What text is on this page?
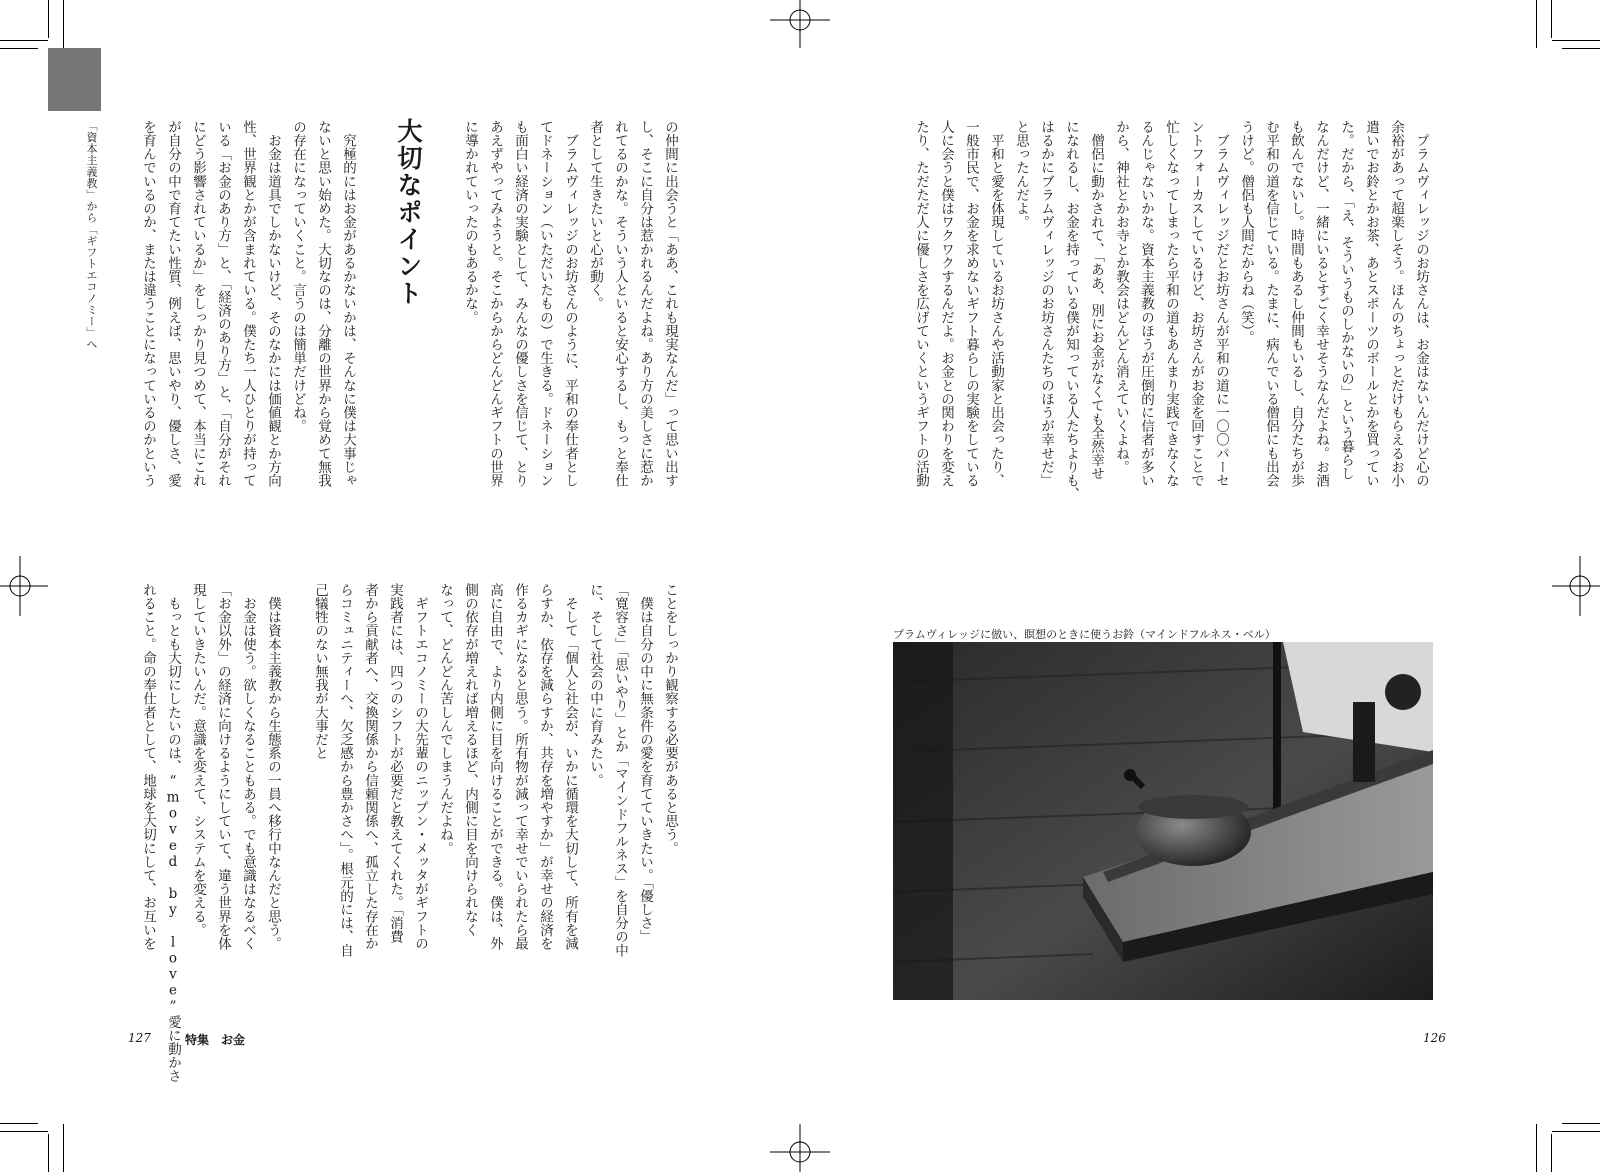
「資本主義教」から「ギフトエコノミー」へ	の仲間に出会うと「ああ、これも現実なんだ」って思い出す
し、そこに自分は惹かれるんだよね。あり方の美しさに惹か
れてるのかな。そういう人といると安心するし、もっと奉仕
者として生きたいと心が動く。
　ブラムヴィレッジのお坊さんのように、平和の奉仕者とし
てドネーション（いただいたもの）で生きる。ドネーション
も面白い経済の実験として、みんなの優しさを信じて、とり
あえずやってみようと。そこからからどんどんギフトの世界
に導かれていったのもあるかな。
大切なポイント
　究極的にはお金があるかないかは、そんなに僕は大事じゃ
ないと思い始めた。大切なのは、分離の世界から覚めて無我
の存在になっていくこと。言うのは簡単だけどね。
　お金は道具でしかないけど、そのなかには価値観とか方向
性、世界観とかが含まれている。僕たち一人ひとりが持って
いる「お金のあり方」と、「経済のあり方」と、「自分がそれ
にどう影響されているか」をしっかり見つめて、本当にこれ
が自分の中で育てたい性質、例えば、思いやり、優しさ、愛
を育んでいるのか、または違うことになっているのかという
ことをしっかり観察する必要があると思う。
　僕は自分の中に無条件の愛を育てていきたい。「優しさ」
「寛容さ」「思いやり」とか「マインドフルネス」を自分の中
に、そして社会の中に育みたい。
　そして「個人と社会が、いかに循環を大切して、所有を減
らすか、依存を減らすか、共存を増やすか」が幸せの経済を
作るカギになると思う。所有物が減って幸せでいられたら最
高に自由で、より内側に目を向けることができる。僕は、外
側の依存が増えれば増えるほど、内側に目を向けられなく
なって、どんどん苦しんでしまうんだよね。
　ギフトエコノミーの大先輩のニップン・メッタがギフトの
実践者には、四つのシフトが必要だと教えてくれた。「消費
者から貢献者へ、交換関係から信頼関係へ、孤立した存在か
らコミュニティーへ、欠乏感から豊かさへ」。根元的には、自
己犠牲のない無我が大事だと
　僕は資本主義教から生態系の一員へ移行中なんだと思う。
　お金は使う。欲しくなることもある。でも意識はなるべく
「お金以外」の経済に向けるようにしていて、違う世界を体
現していきたいんだ。意識を変えて、システムを変える。
　もっとも大切にしたいのは、“moved by love”愛に動かさ
れること。命の奉仕者として、地球を大切にして、お互いを
127	特集　お金
　プラムヴィレッジのお坊さんは、お金はないんだけど心の
余裕があって超楽しそう。ほんのちょっとだけもらえるお小
遣いでお鈴とかお茶、あとスポーツのボールとかを買ってい
た。だから、「え、そういうものしかないの」という暮らし
なんだけど、一緒にいるとすごく幸せそうなんだよね。お酒
も飲んでないし。時間もあるし仲間もいるし、自分たちが歩
む平和の道を信じている。たまに、病んでいる僧侶にも出会
うけど。僧侶も人間だからね（笑）。
　ブラムヴィレッジだとお坊さんが平和の道に一〇〇パーセ
ントフォーカスしているけど、お坊さんがお金を回すことで
忙しくなってしまったら平和の道もあんまり実践できなくな
るんじゃないかな。資本主義教のほうが圧倒的に信者が多い
から、神社とかお寺とか教会はどんどん消えていくよね。
　僧侶に動かされて、「ああ、別にお金がなくても全然幸せ
になれるし、お金を持っている僕が知っている人たちよりも、
はるかにブラムヴィレッジのお坊さんたちのほうが幸せだ」
と思ったんだよ。
　平和と愛を体現しているお坊さんや活動家と出会ったり、
一般市民で、お金を求めないギフト暮らしの実験をしている
人に会うと僕はワクワクするんだよ。お金との関わりを変え
たり、ただただ人に優しさを広げていくというギフトの活動
プラムヴィレッジに倣い、瞑想のときに使うお鈴（マインドフルネス・ベル）
126
